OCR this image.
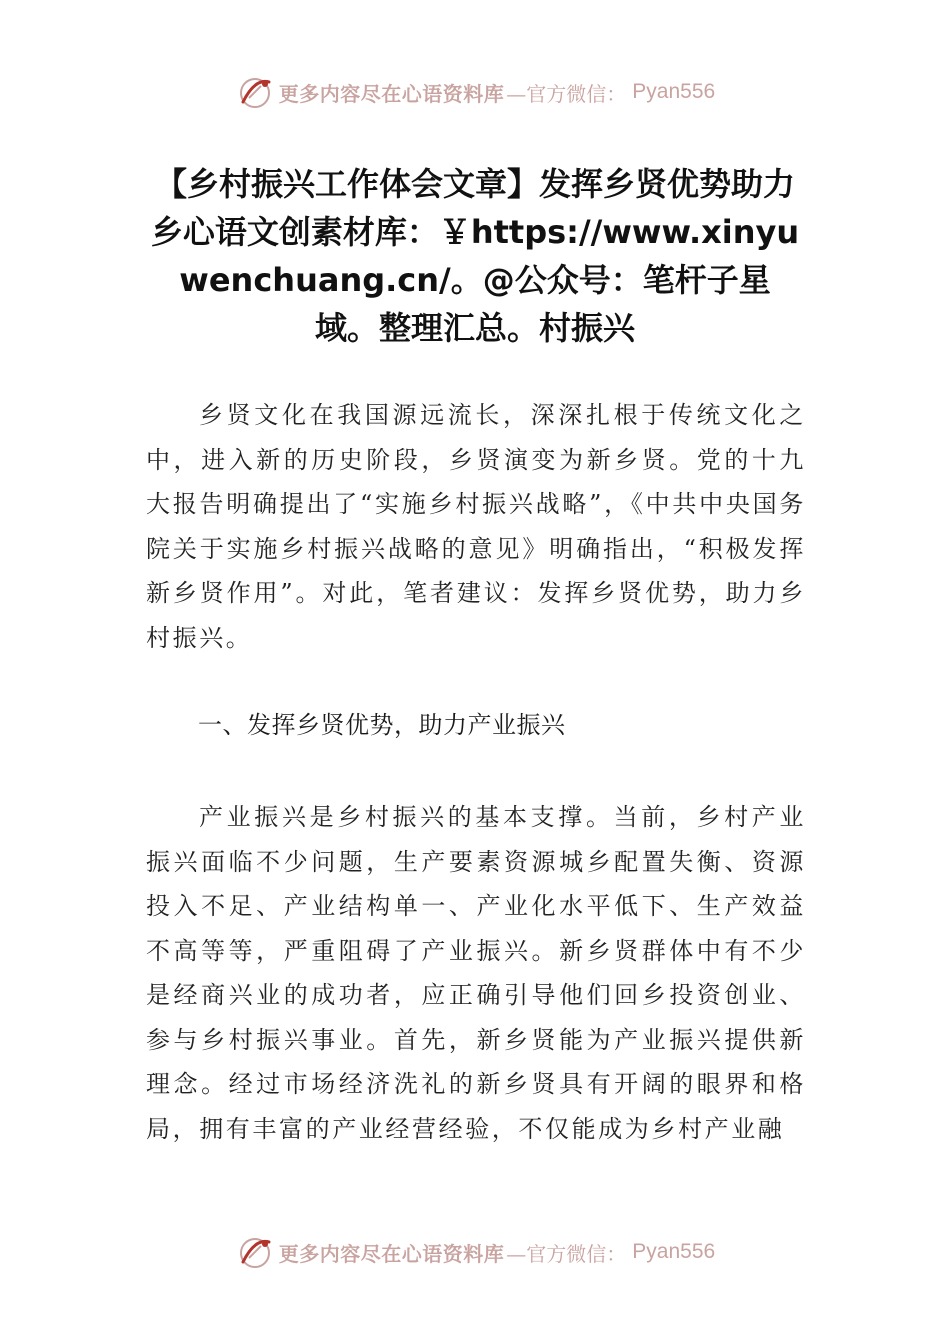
更多内容尽在心语资料库 —官方微信： Pyan556
【乡村振兴工作体会文章】发挥乡贤优势助力乡心语文创素材库：￥https://www.xinyuwenchuang.cn/。@公众号：笔杆子星域。整理汇总。村振兴
乡贤文化在我国源远流长，深深扎根于传统文化之中，进入新的历史阶段，乡贤演变为新乡贤。党的十九大报告明确提出了“实施乡村振兴战略”，《中共中央国务院关于实施乡村振兴战略的意见》明确指出，“积极发挥新乡贤作用”。对此，笔者建议：发挥乡贤优势，助力乡村振兴。
一、发挥乡贤优势，助力产业振兴
产业振兴是乡村振兴的基本支撑。当前，乡村产业振兴面临不少问题，生产要素资源城乡配置失衡、资源投入不足、产业结构单一、产业化水平低下、生产效益不高等等，严重阻碍了产业振兴。新乡贤群体中有不少是经商兴业的成功者，应正确引导他们回乡投资创业、参与乡村振兴事业。首先，新乡贤能为产业振兴提供新理念。经过市场经济洗礼的新乡贤具有开阔的眼界和格局，拥有丰富的产业经营经验，不仅能成为乡村产业融
更多内容尽在心语资料库 —官方微信： Pyan556
